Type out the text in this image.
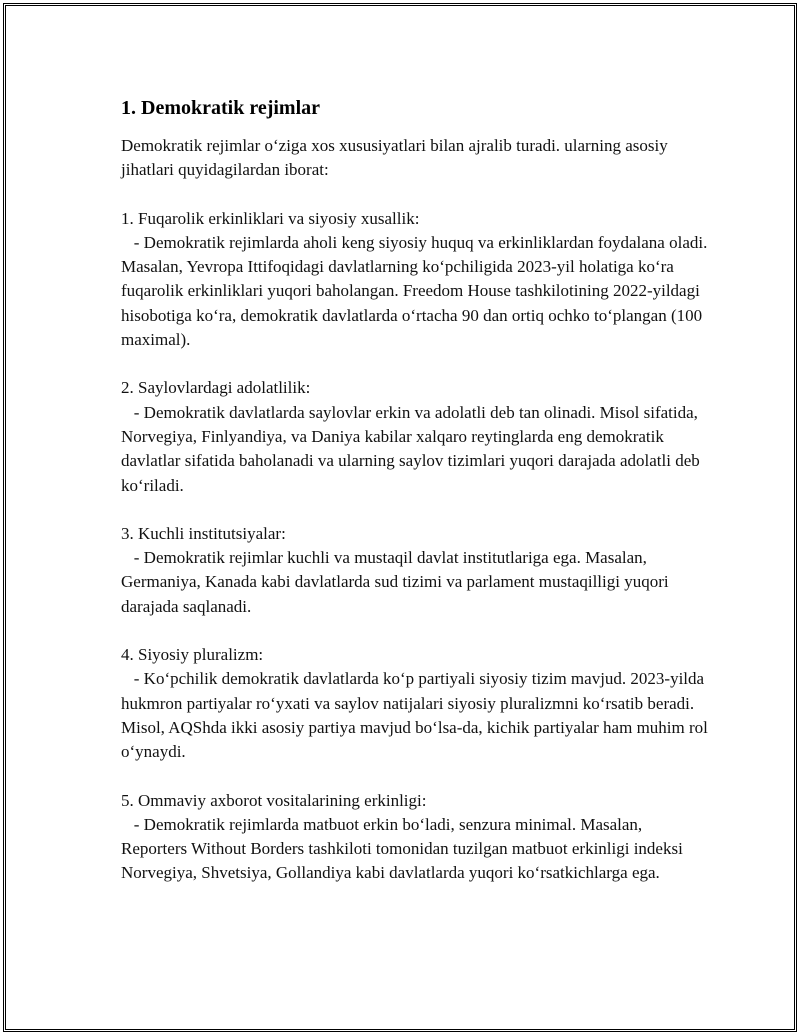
1. Demokratik rejimlar
Demokratik rejimlar o‘ziga xos xususiyatlari bilan ajralib turadi. ularning asosiy jihatlari quyidagilardan iborat:
1. Fuqarolik erkinliklari va siyosiy xusallik:
- Demokratik rejimlarda aholi keng siyosiy huquq va erkinliklardan foydalana oladi. Masalan, Yevropa Ittifoqidagi davlatlarning ko‘pchiligida 2023-yil holatiga ko‘ra fuqarolik erkinliklari yuqori baholangan. Freedom House tashkilotining 2022-yildagi hisobotiga ko‘ra, demokratik davlatlarda o‘rtacha 90 dan ortiq ochko to‘plangan (100 maximal).
2. Saylovlardagi adolatlilik:
- Demokratik davlatlarda saylovlar erkin va adolatli deb tan olinadi. Misol sifatida, Norvegiya, Finlyandiya, va Daniya kabilar xalqaro reytinglarda eng demokratik davlatlar sifatida baholanadi va ularning saylov tizimlari yuqori darajada adolatli deb ko‘riladi.
3. Kuchli institutsiyalar:
- Demokratik rejimlar kuchli va mustaqil davlat institutlariga ega. Masalan, Germaniya, Kanada kabi davlatlarda sud tizimi va parlament mustaqilligi yuqori darajada saqlanadi.
4. Siyosiy pluralizm:
- Ko‘pchilik demokratik davlatlarda ko‘p partiyali siyosiy tizim mavjud. 2023-yilda hukmron partiyalar ro‘yxati va saylov natijalari siyosiy pluralizmni ko‘rsatib beradi. Misol, AQShda ikki asosiy partiya mavjud bo‘lsa-da, kichik partiyalar ham muhim rol o‘ynaydi.
5. Ommaviy axborot vositalarining erkinligi:
- Demokratik rejimlarda matbuot erkin bo‘ladi, senzura minimal. Masalan, Reporters Without Borders tashkiloti tomonidan tuzilgan matbuot erkinligi indeksi Norvegiya, Shvetsiya, Gollandiya kabi davlatlarda yuqori ko‘rsatkichlarga ega.
